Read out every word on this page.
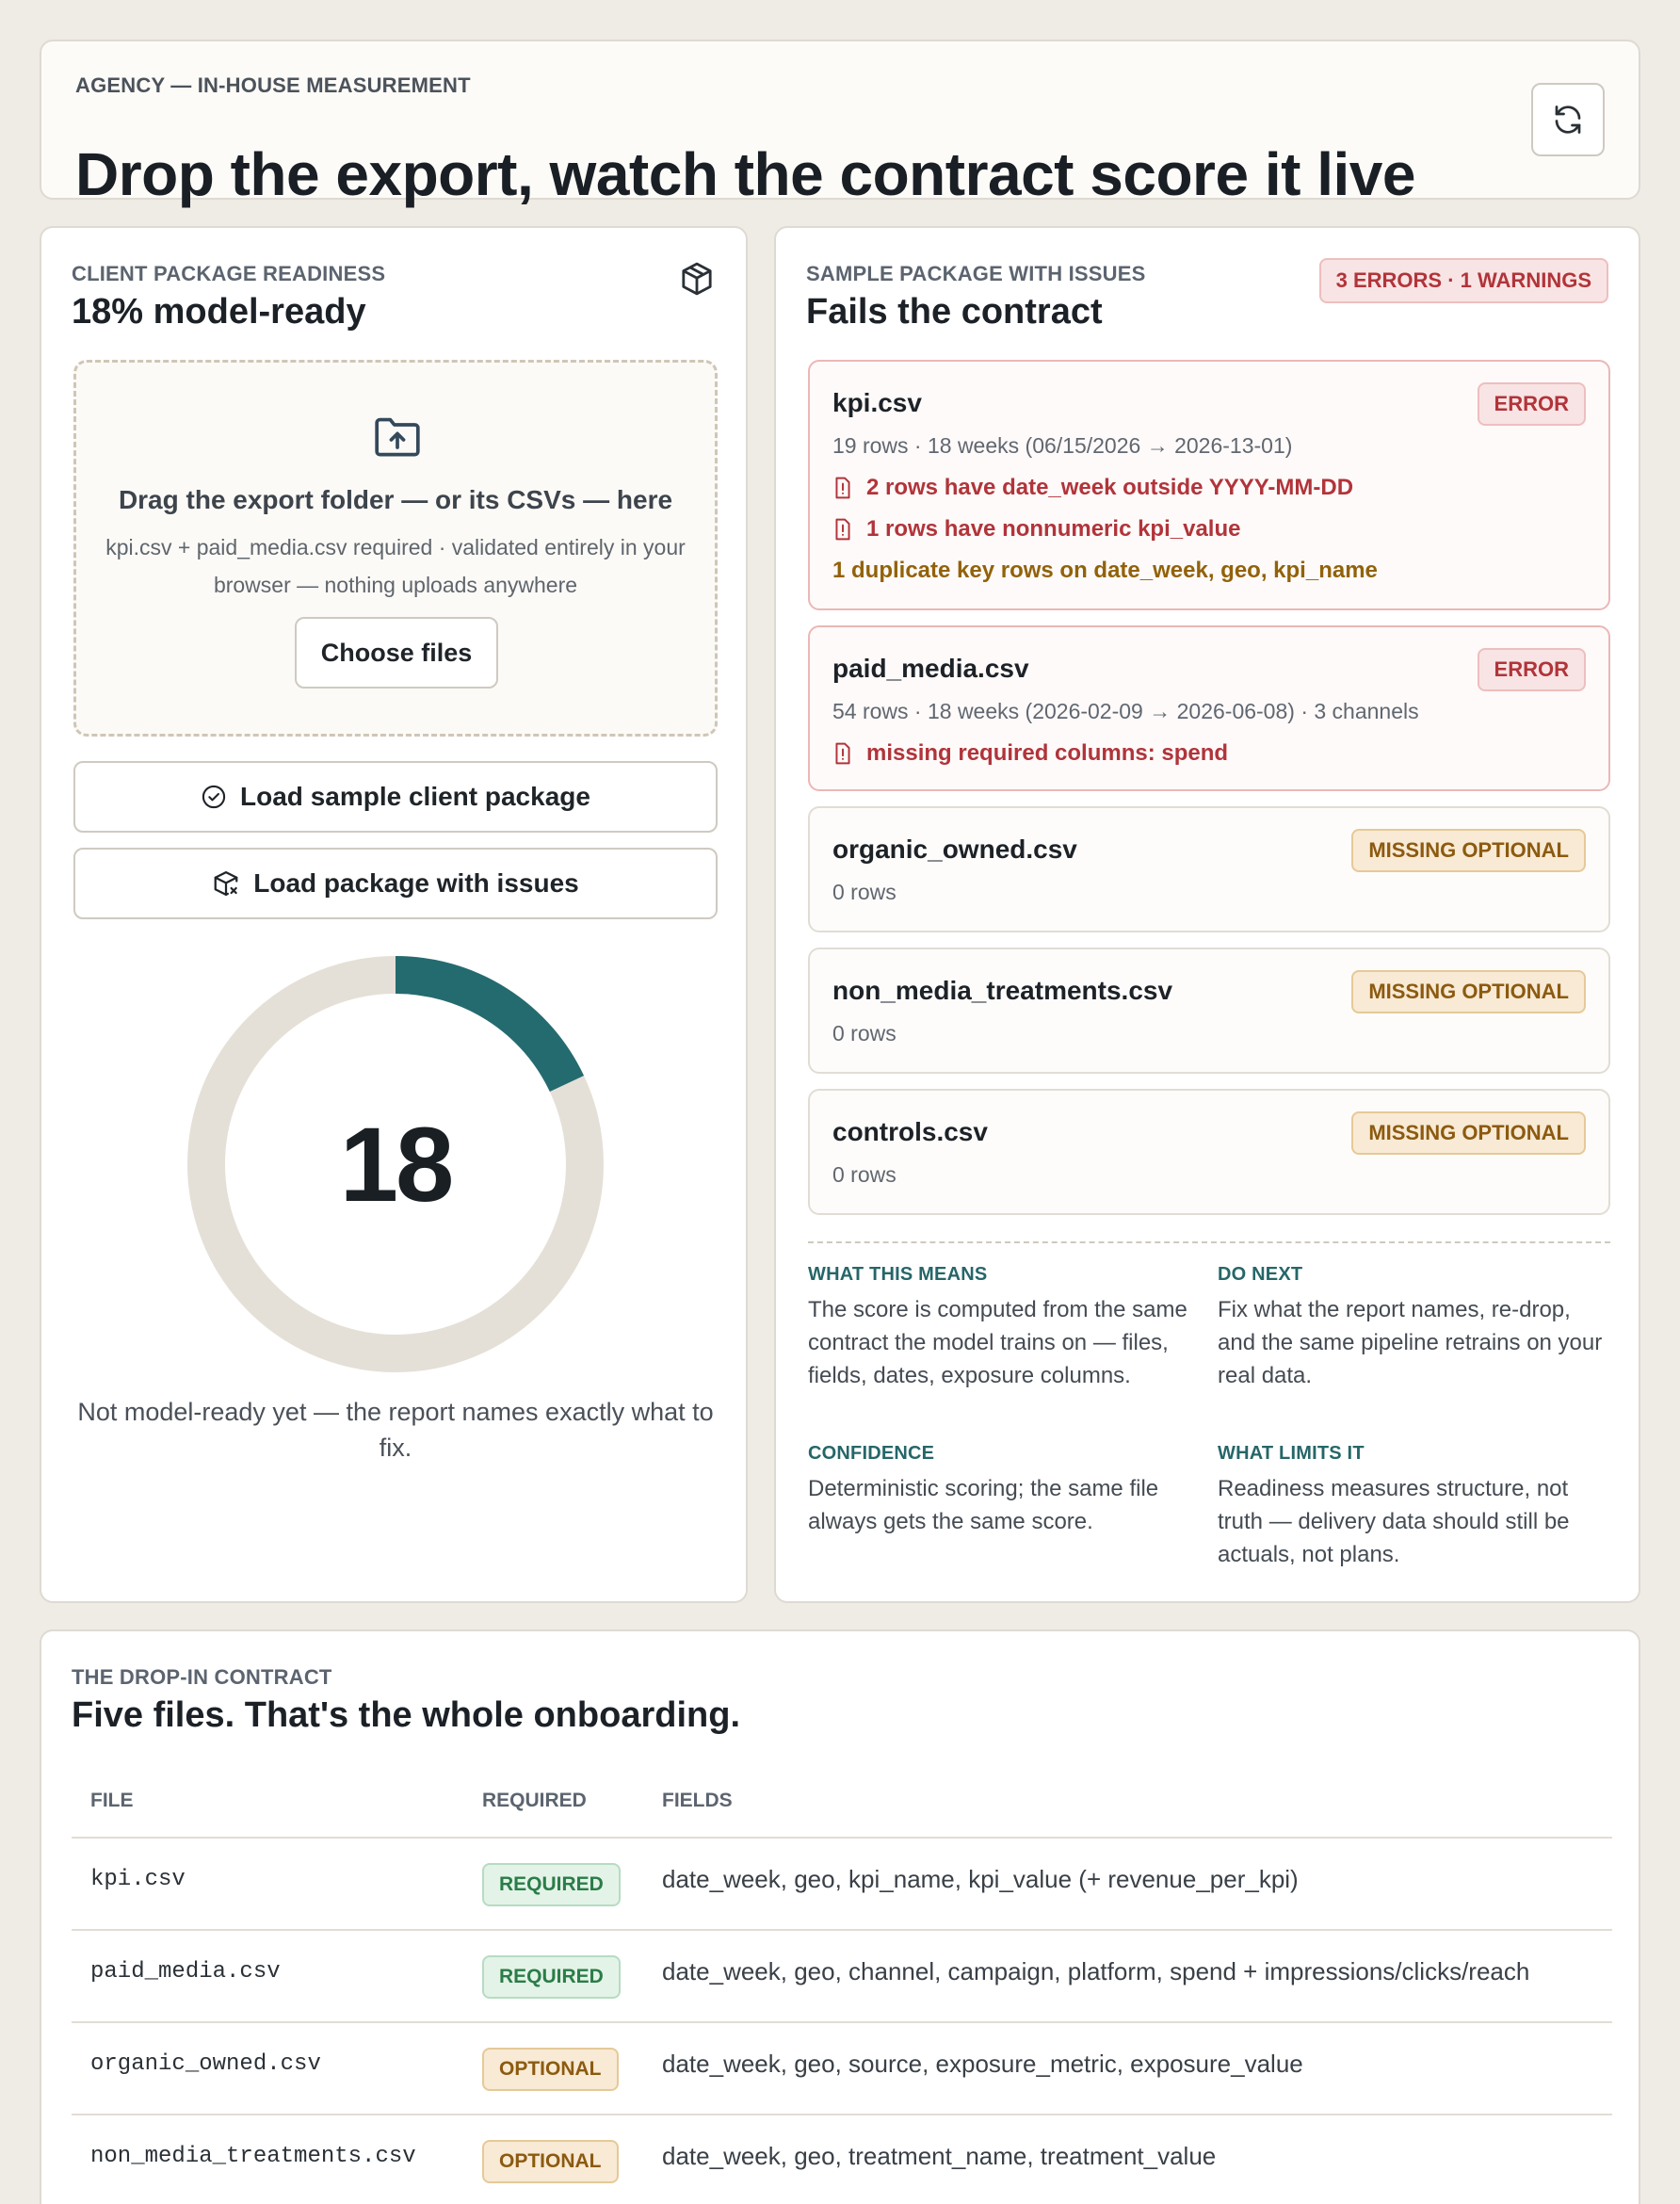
AGENCY — IN-HOUSE MEASUREMENT
Drop the export, watch the contract score it live
CLIENT PACKAGE READINESS
18% model-ready
Drag the export folder — or its CSVs — here
kpi.csv + paid_media.csv required · validated entirely in your browser — nothing uploads anywhere
Choose files
Load sample client package
Load package with issues
18
Not model-ready yet — the report names exactly what to fix.
SAMPLE PACKAGE WITH ISSUES
Fails the contract
3 ERRORS · 1 WARNINGS
kpi.csv	ERROR
19 rows · 18 weeks (06/15/2026 → 2026-13-01)
2 rows have date_week outside YYYY-MM-DD
1 rows have nonnumeric kpi_value
1 duplicate key rows on date_week, geo, kpi_name
paid_media.csv	ERROR
54 rows · 18 weeks (2026-02-09 → 2026-06-08) · 3 channels
missing required columns: spend
organic_owned.csv	MISSING OPTIONAL
0 rows
non_media_treatments.csv	MISSING OPTIONAL
0 rows
controls.csv	MISSING OPTIONAL
0 rows
WHAT THIS MEANS
The score is computed from the same contract the model trains on — files, fields, dates, exposure columns.
DO NEXT
Fix what the report names, re-drop, and the same pipeline retrains on your real data.
CONFIDENCE
Deterministic scoring; the same file always gets the same score.
WHAT LIMITS IT
Readiness measures structure, not truth — delivery data should still be actuals, not plans.
THE DROP-IN CONTRACT
Five files. That's the whole onboarding.
FILE	REQUIRED	FIELDS
kpi.csv	REQUIRED	date_week, geo, kpi_name, kpi_value (+ revenue_per_kpi)
paid_media.csv	REQUIRED	date_week, geo, channel, campaign, platform, spend + impressions/clicks/reach
organic_owned.csv	OPTIONAL	date_week, geo, source, exposure_metric, exposure_value
non_media_treatments.csv	OPTIONAL	date_week, geo, treatment_name, treatment_value
